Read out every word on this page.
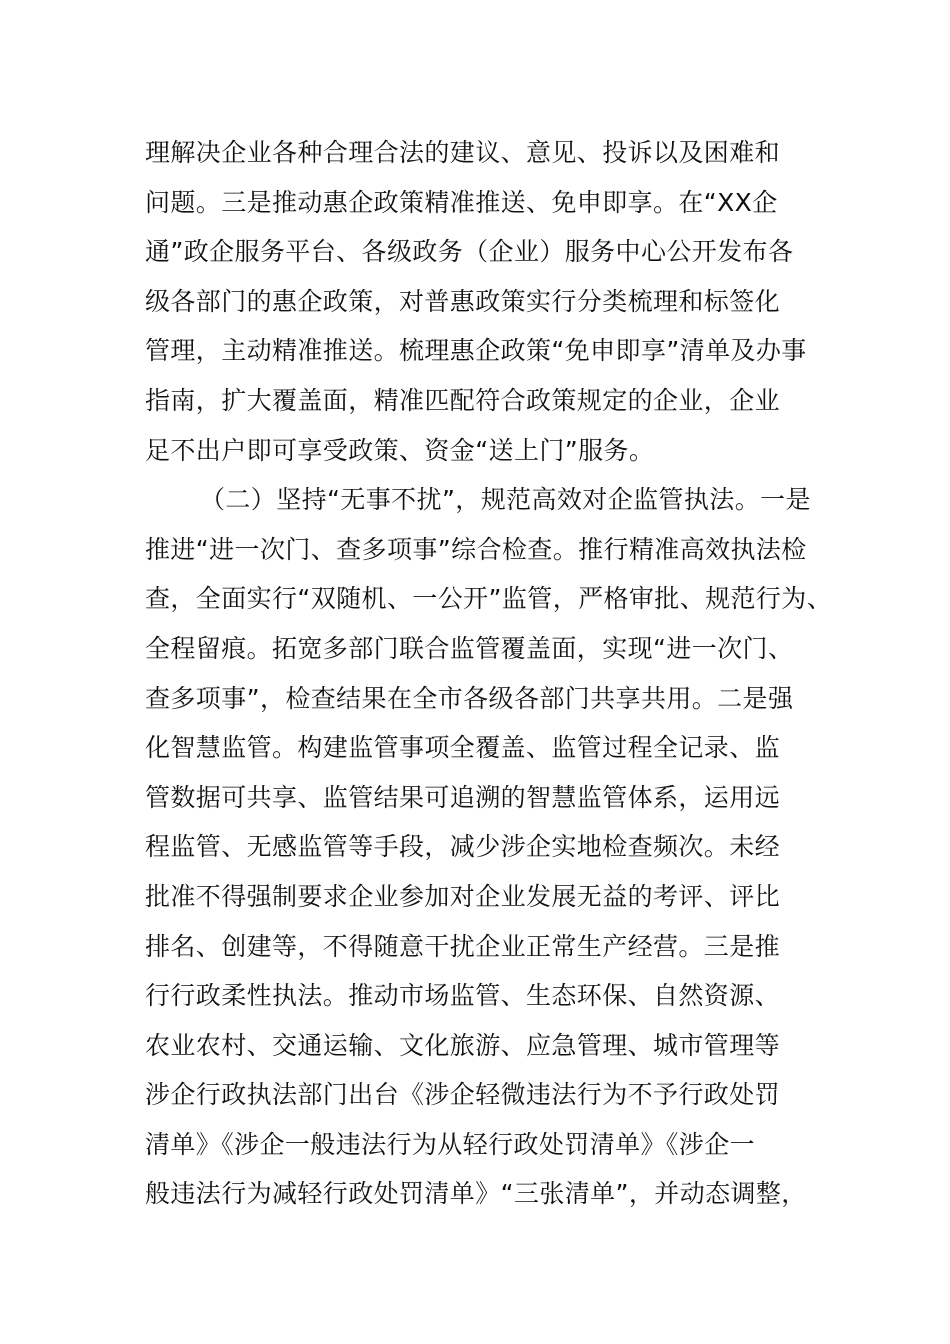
理解决企业各种合理合法的建议、意见、投诉以及困难和
问题。三是推动惠企政策精准推送、免申即享。在“XX企
通”政企服务平台、各级政务（企业）服务中心公开发布各
级各部门的惠企政策，对普惠政策实行分类梳理和标签化
管理，主动精准推送。梳理惠企政策“免申即享”清单及办事
指南，扩大覆盖面，精准匹配符合政策规定的企业，企业
足不出户即可享受政策、资金“送上门”服务。
（二）坚持“无事不扰”，规范高效对企监管执法。一是
推进“进一次门、查多项事”综合检查。推行精准高效执法检
查，全面实行“双随机、一公开”监管，严格审批、规范行为、
全程留痕。拓宽多部门联合监管覆盖面，实现“进一次门、
查多项事”，检查结果在全市各级各部门共享共用。二是强
化智慧监管。构建监管事项全覆盖、监管过程全记录、监
管数据可共享、监管结果可追溯的智慧监管体系，运用远
程监管、无感监管等手段，减少涉企实地检查频次。未经
批准不得强制要求企业参加对企业发展无益的考评、评比
排名、创建等，不得随意干扰企业正常生产经营。三是推
行行政柔性执法。推动市场监管、生态环保、自然资源、
农业农村、交通运输、文化旅游、应急管理、城市管理等
涉企行政执法部门出台《涉企轻微违法行为不予行政处罚
清单》《涉企一般违法行为从轻行政处罚清单》《涉企一
般违法行为减轻行政处罚清单》“三张清单”，并动态调整，
